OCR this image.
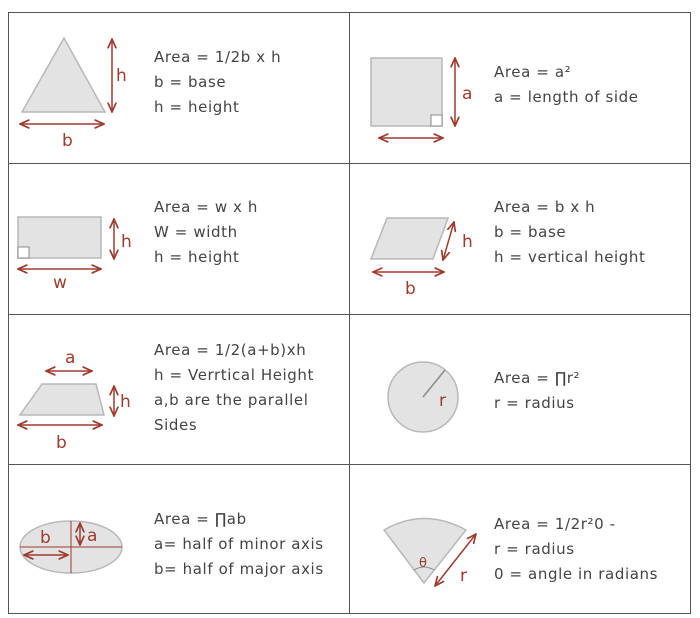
h
b
Area = 1/2b x h
b = base
h = height
a
Area = a²
a = length of side
h
w
Area = w x h
W = width
h = height
h
b
Area = b x h
b = base
h = vertical height
a
h
b
Area = 1/2(a+b)xh
h = Verrtical Height
a,b are the parallel
Sides
r
Area = ∏r²
r = radius
a
b
Area = ∏ab
a= half of minor axis
b= half of major axis	θ
r
Area = 1/2r²0 -
r = radius
0 = angle in radians
